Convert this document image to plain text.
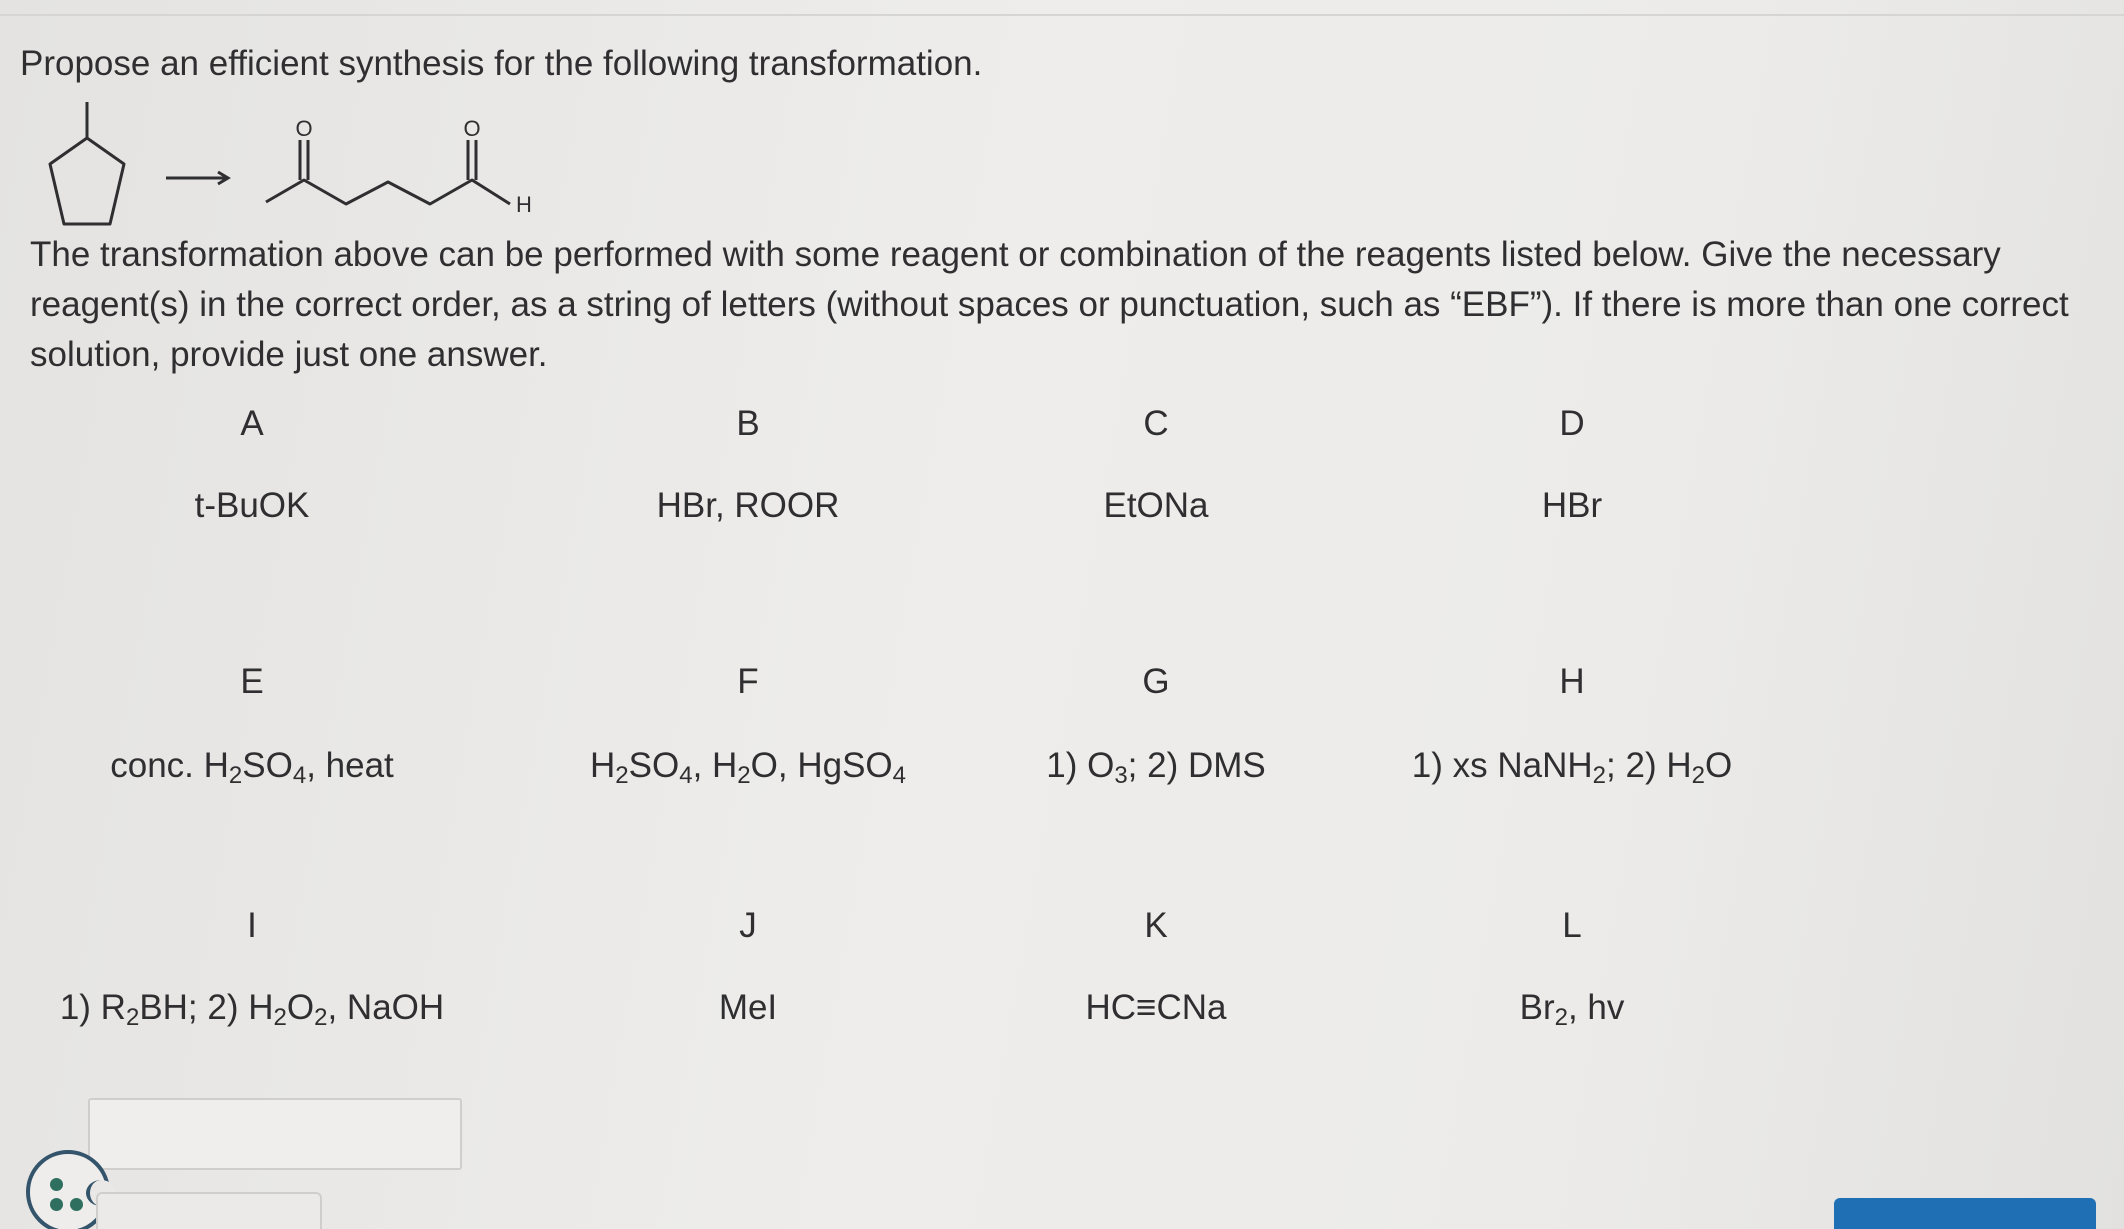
Propose an efficient synthesis for the following transformation.
O	O
H
The transformation above can be performed with some reagent or combination of the reagents listed below. Give the necessary reagent(s) in the correct order, as a string of letters (without spaces or punctuation, such as “EBF”). If there is more than one correct solution, provide just one answer.
A
t-BuOK
B
HBr, ROOR
C
EtONa
D
HBr
E
conc. $H_2SO_4$, heat
F
$H_2SO_4$, $H_2O$, HgSO$_4$
G
1) $O_3$; 2) DMS
H
1) xs NaNH$_2$; 2) $H_2O$
I
1) $R_2BH$; 2) $H_2O_2$, NaOH
J
MeI
K
HC≡CNa
L
$Br_2$, hv
